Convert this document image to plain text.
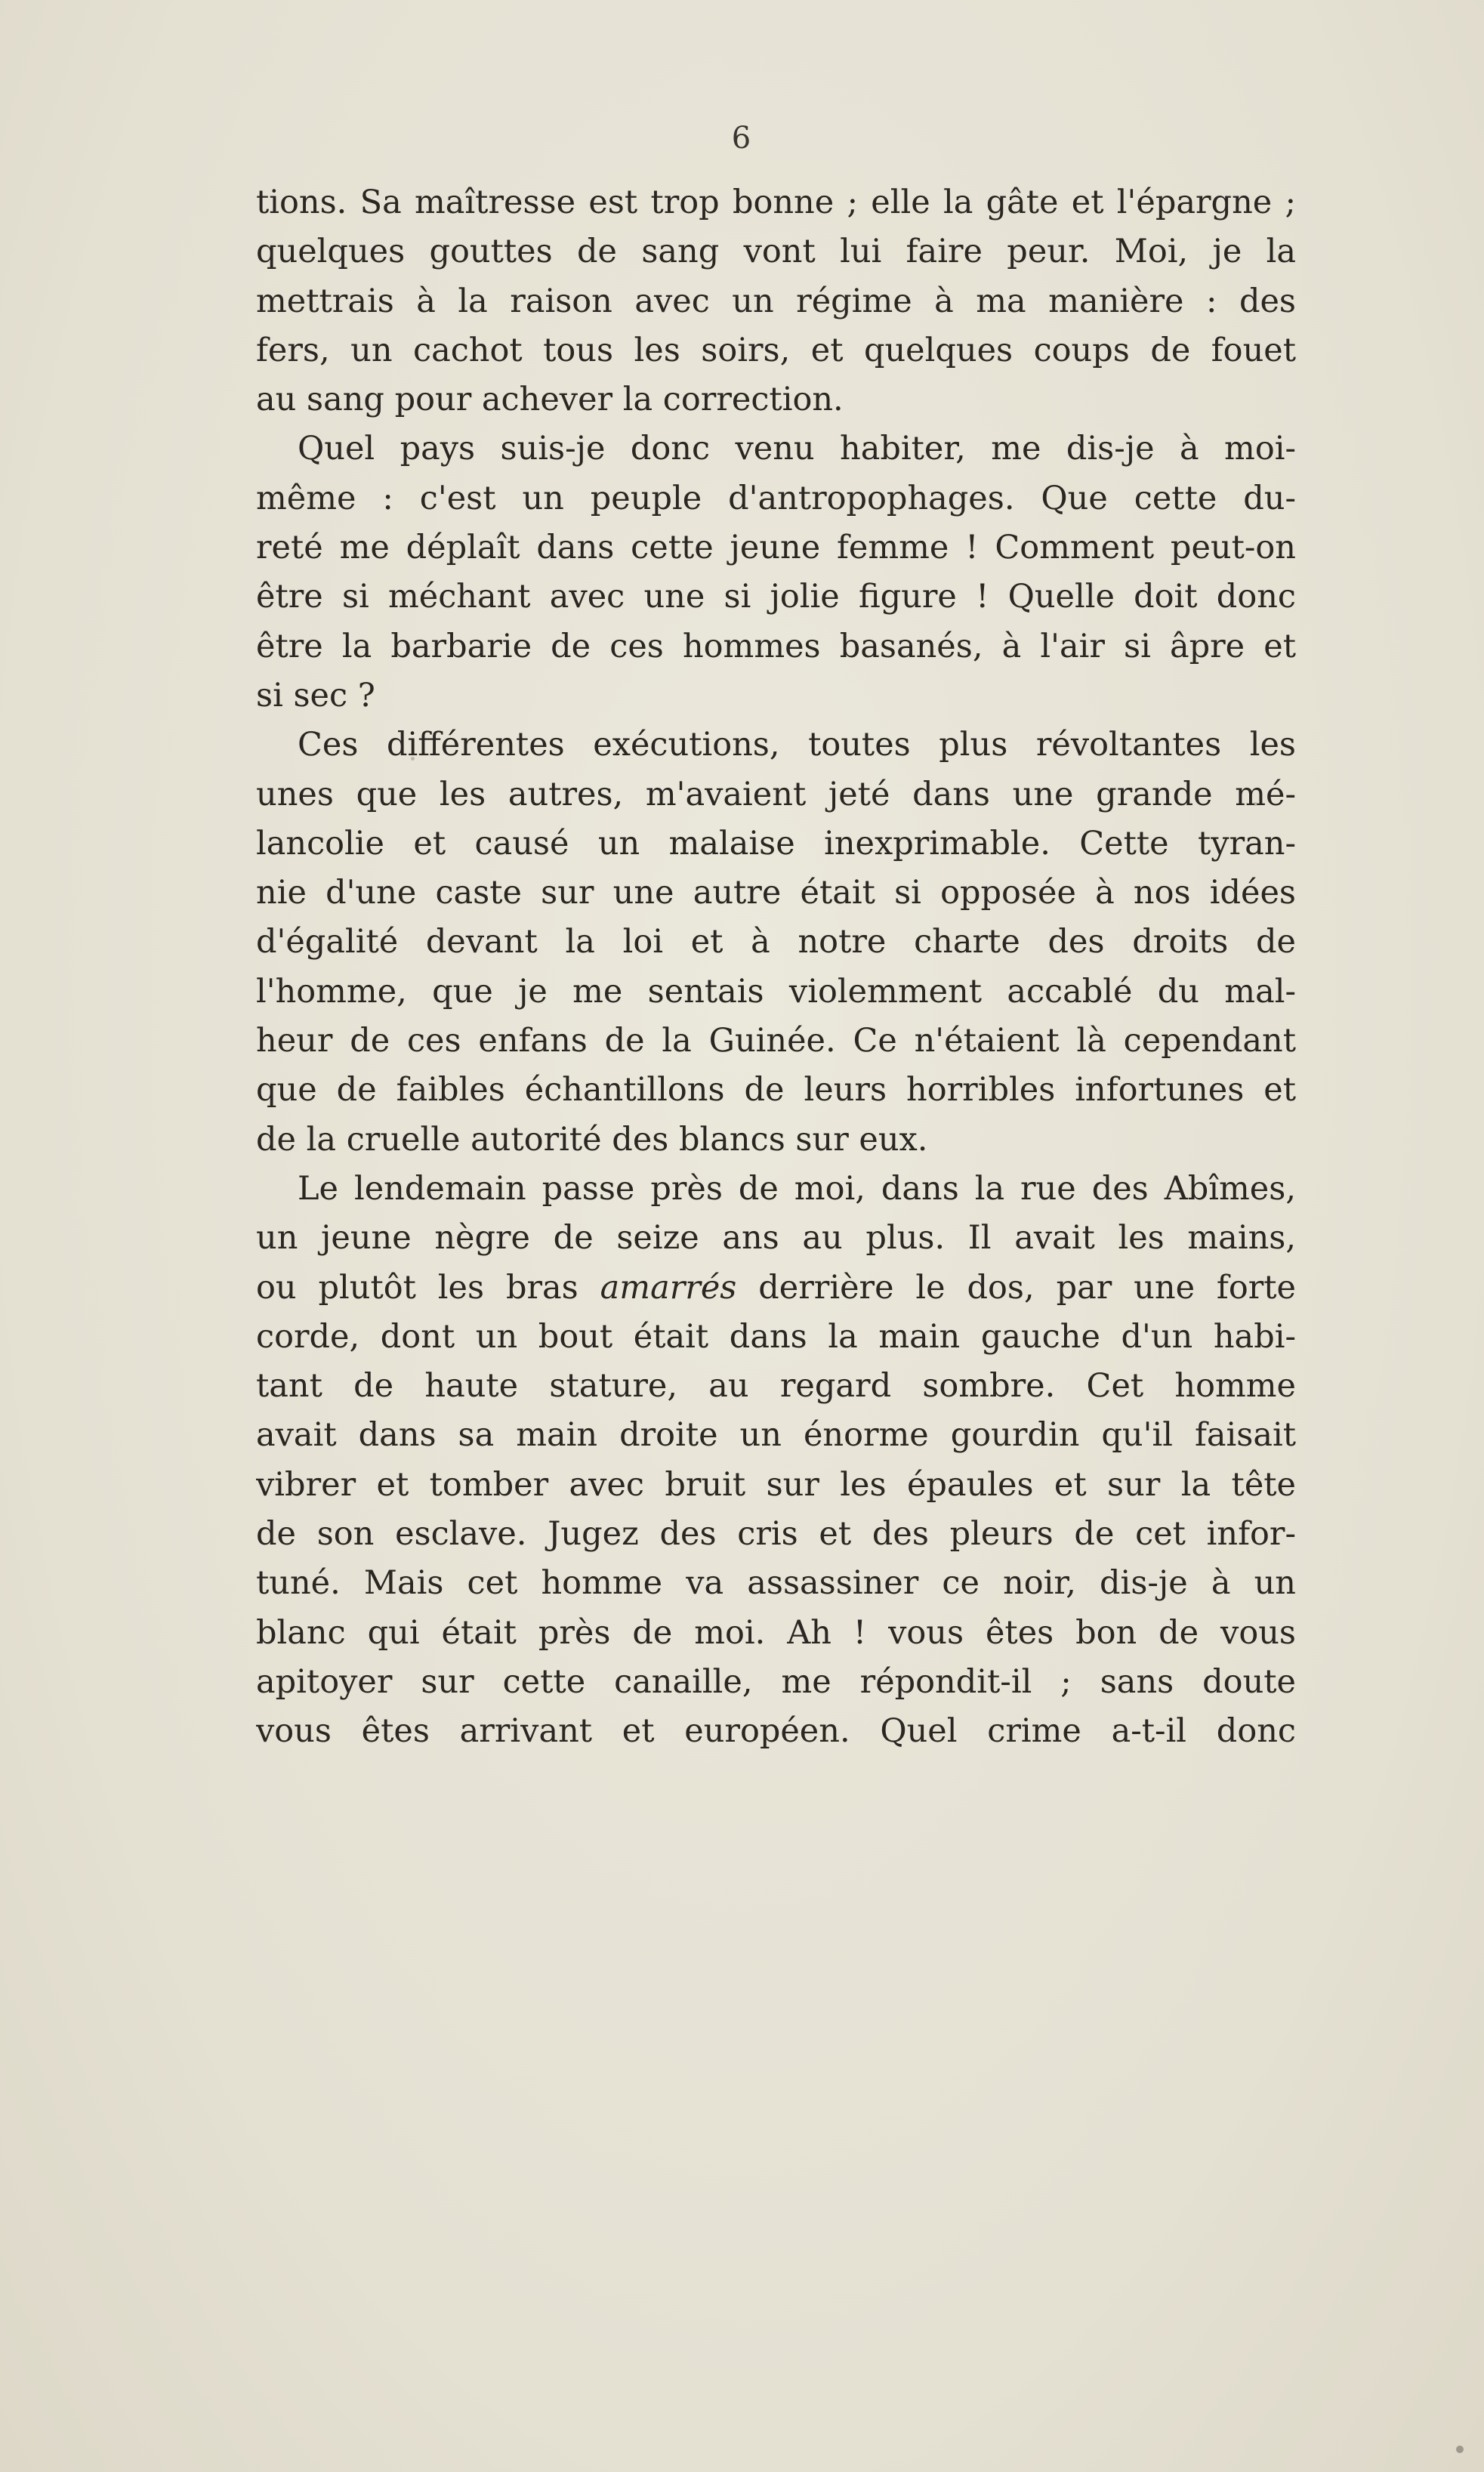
6
tions. Sa maîtresse est trop bonne ; elle la gâte et l'épargne ;
quelques gouttes de sang vont lui faire peur. Moi, je la
mettrais à la raison avec un régime à ma manière : des
fers, un cachot tous les soirs, et quelques coups de fouet
au sang pour achever la correction.
Quel pays suis-je donc venu habiter, me dis-je à moi-
même : c'est un peuple d'antropophages. Que cette du-
reté me déplaît dans cette jeune femme ! Comment peut-on
être si méchant avec une si jolie figure ! Quelle doit donc
être la barbarie de ces hommes basanés, à l'air si âpre et
si sec ?
Ces différentes exécutions, toutes plus révoltantes les
unes que les autres, m'avaient jeté dans une grande mé-
lancolie et causé un malaise inexprimable. Cette tyran-
nie d'une caste sur une autre était si opposée à nos idées
d'égalité devant la loi et à notre charte des droits de
l'homme, que je me sentais violemment accablé du mal-
heur de ces enfans de la Guinée. Ce n'étaient là cependant
que de faibles échantillons de leurs horribles infortunes et
de la cruelle autorité des blancs sur eux.
Le lendemain passe près de moi, dans la rue des Abîmes,
un jeune nègre de seize ans au plus. Il avait les mains,
ou plutôt les bras amarrés derrière le dos, par une forte
corde, dont un bout était dans la main gauche d'un habi-
tant de haute stature, au regard sombre. Cet homme
avait dans sa main droite un énorme gourdin qu'il faisait
vibrer et tomber avec bruit sur les épaules et sur la tête
de son esclave. Jugez des cris et des pleurs de cet infor-
tuné. Mais cet homme va assassiner ce noir, dis-je à un
blanc qui était près de moi. Ah ! vous êtes bon de vous
apitoyer sur cette canaille, me répondit-il ; sans doute
vous êtes arrivant et européen. Quel crime a-t-il donc
